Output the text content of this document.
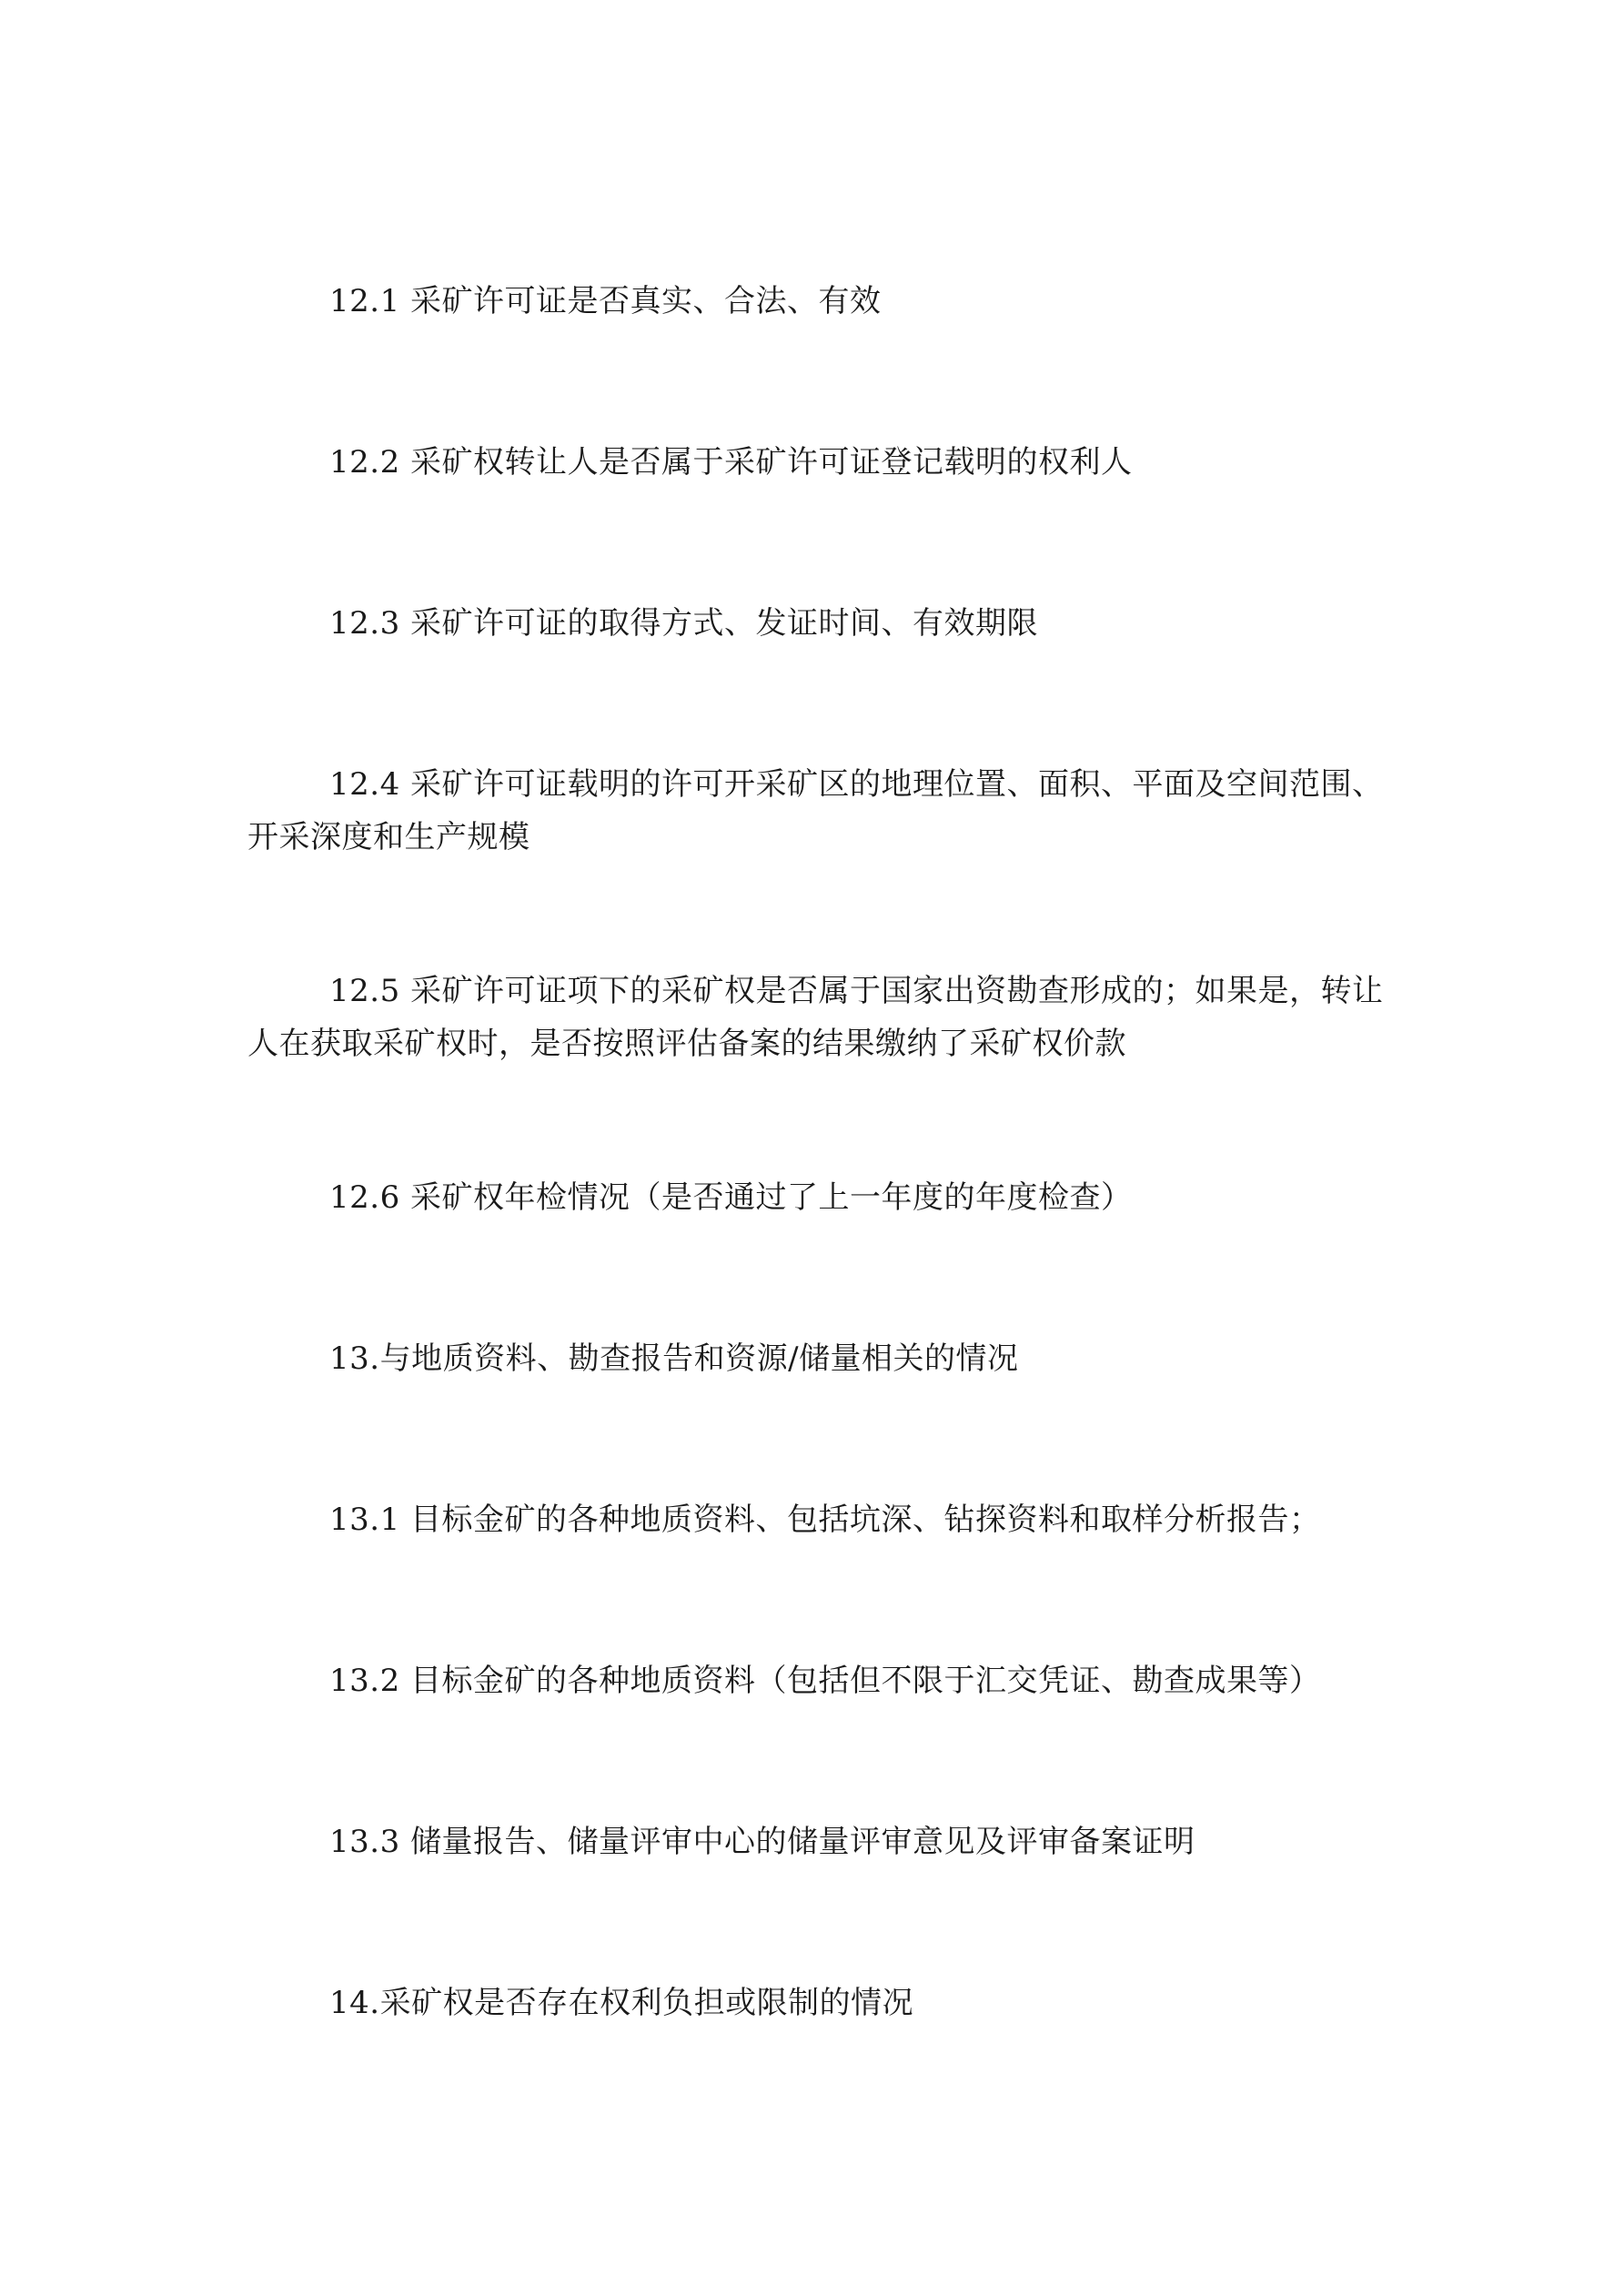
12.1 采矿许可证是否真实、合法、有效

12.2 采矿权转让人是否属于采矿许可证登记载明的权利人

12.3 采矿许可证的取得方式、发证时间、有效期限

12.4 采矿许可证载明的许可开采矿区的地理位置、面积、平面及空间范围、开采深度和生产规模

12.5 采矿许可证项下的采矿权是否属于国家出资勘查形成的；如果是，转让人在获取采矿权时，是否按照评估备案的结果缴纳了采矿权价款

12.6 采矿权年检情况（是否通过了上一年度的年度检查）

13.与地质资料、勘查报告和资源/储量相关的情况

13.1 目标金矿的各种地质资料、包括坑深、钻探资料和取样分析报告；

13.2 目标金矿的各种地质资料（包括但不限于汇交凭证、勘查成果等）

13.3 储量报告、储量评审中心的储量评审意见及评审备案证明

14.采矿权是否存在权利负担或限制的情况
